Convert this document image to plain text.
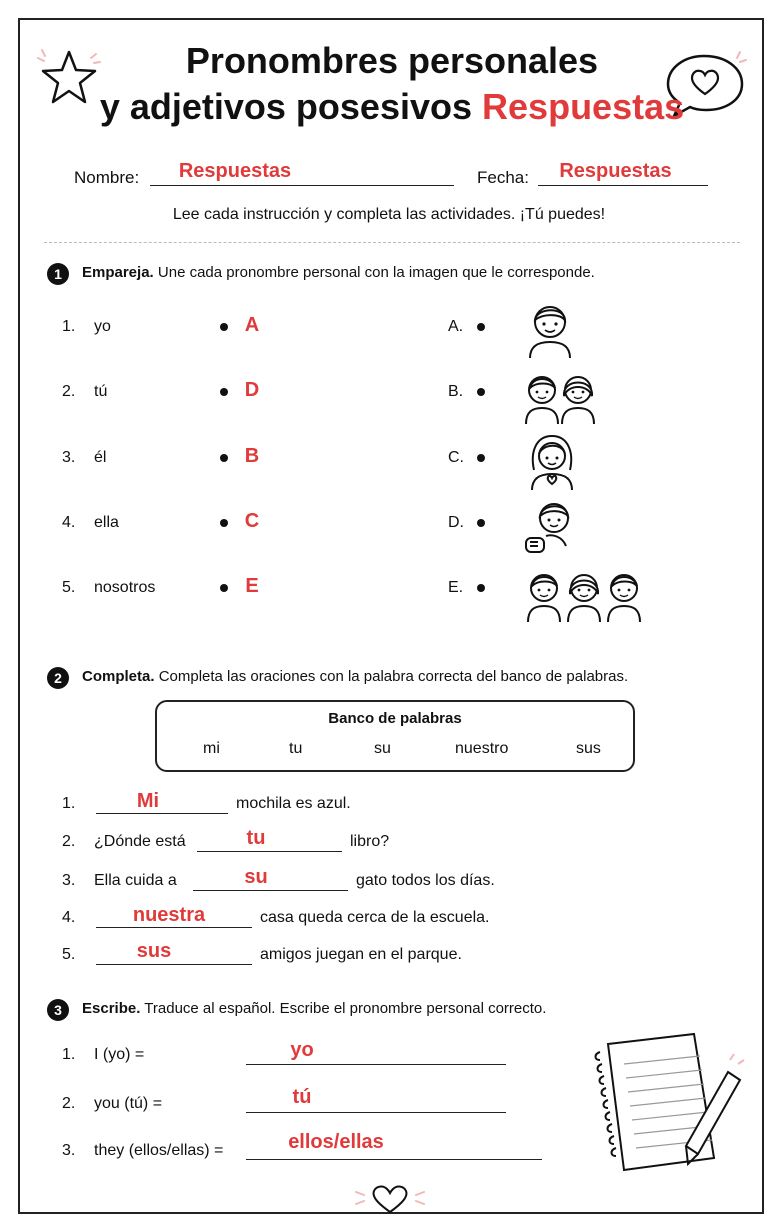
Pronombres personales
y adjetivos posesivos Respuestas
Nombre:	Respuestas	Fecha:	Respuestas
Lee cada instrucción y completa las actividades. ¡Tú puedes!
1	Empareja. Une cada pronombre personal con la imagen que le corresponde.
1. yo	A	A.
2. tú	D	B.
3. él	B	C.
4. ella	C	D.
5. nosotros	E	E.
2	Completa. Completa las oraciones con la palabra correcta del banco de palabras.
Banco de palabras
mi	tu	su	nuestro	sus
1.	Mi	mochila es azul.
2. ¿Dónde está	tu	libro?
3. Ella cuida a	su	gato todos los días.
4.	nuestra	casa queda cerca de la escuela.
5.	sus	amigos juegan en el parque.
3	Escribe. Traduce al español. Escribe el pronombre personal correcto.
1. I (yo) =	yo
2. you (tú) =	tú
3. they (ellos/ellas) =	ellos/ellas
